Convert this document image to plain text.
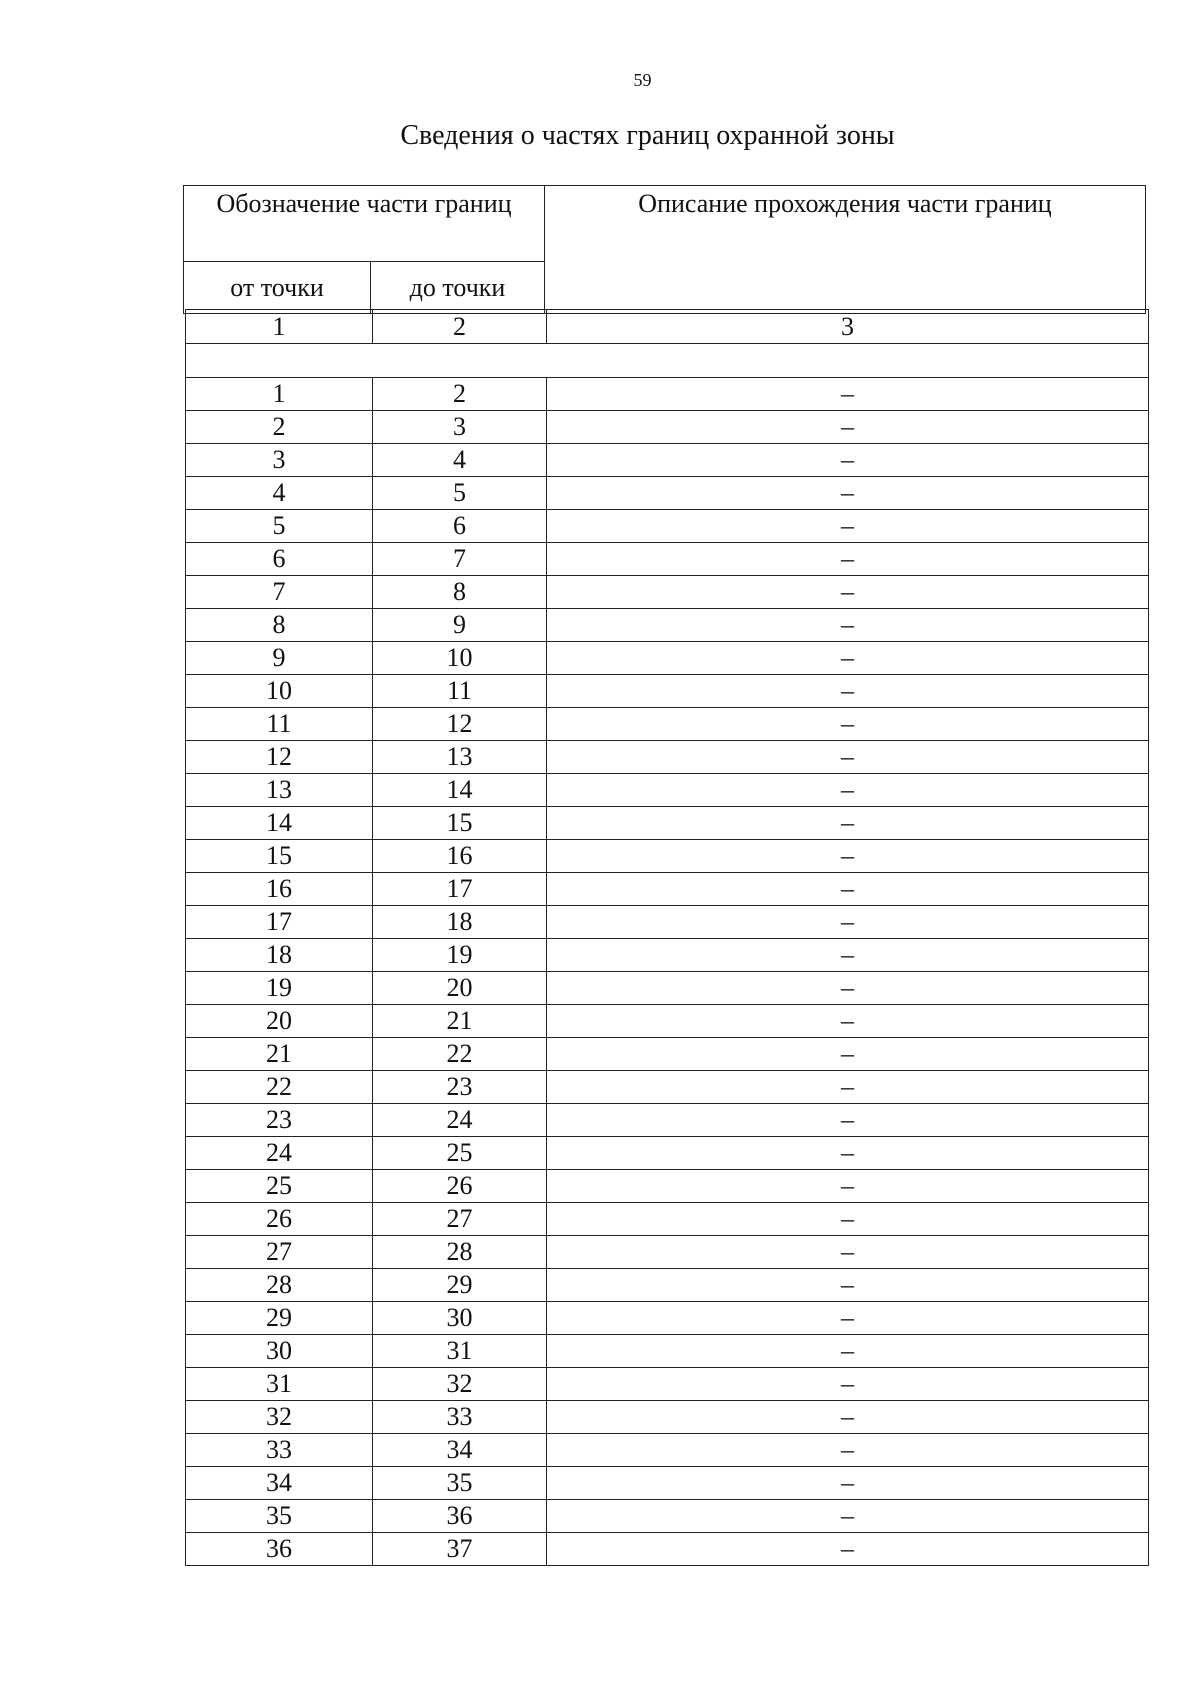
59
Сведения о частях границ охранной зоны
Обозначение части границ		Описание прохождения части границ
от точки	до точки	
1	2	3

1	2	–
2	3	–
3	4	–
4	5	–
5	6	–
6	7	–
7	8	–
8	9	–
9	10	–
10	11	–
11	12	–
12	13	–
13	14	–
14	15	–
15	16	–
16	17	–
17	18	–
18	19	–
19	20	–
20	21	–
21	22	–
22	23	–
23	24	–
24	25	–
25	26	–
26	27	–
27	28	–
28	29	–
29	30	–
30	31	–
31	32	–
32	33	–
33	34	–
34	35	–
35	36	–
36	37	–
